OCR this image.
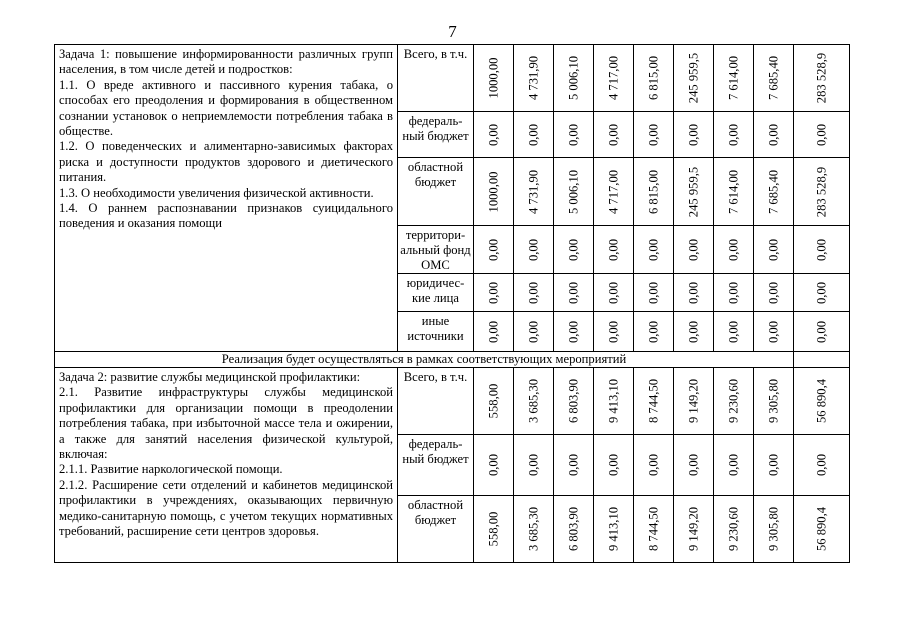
7
Задача 1: повышение информированности различных групп населения, в том числе детей и подростков:
1.1. О вреде активного и пассивного курения табака, о способах его преодоления и формирования в общественном сознании установок о неприемлемости потребления табака в обществе.
1.2. О поведенческих и алиментарно-зависимых факторах риска и доступности продуктов здорового и диетического питания.
1.3. О необходимости увеличения физической активности.
1.4. О раннем распознавании признаков суицидального поведения и оказания помощи	Всего, в т.ч.	1000,00	4 731,90	5 006,10	4 717,00	6 815,00	245 959,5	7 614,00	7 685,40	283 528,9

	федераль-ный бюджет	0,00	0,00	0,00	0,00	0,00	0,00	0,00	0,00	0,00

	областной бюджет	1000,00	4 731,90	5 006,10	4 717,00	6 815,00	245 959,5	7 614,00	7 685,40	283 528,9

	территори-альный фонд ОМС	0,00	0,00	0,00	0,00	0,00	0,00	0,00	0,00	0,00

	юридичес-кие лица	0,00	0,00	0,00	0,00	0,00	0,00	0,00	0,00	0,00

	иные источники	0,00	0,00	0,00	0,00	0,00	0,00	0,00	0,00	0,00

Реализация будет осуществляться в рамках соответствующих мероприятий										

Задача 2: развитие службы медицинской профилактики:
2.1. Развитие инфраструктуры службы медицинской профилактики для организации помощи в преодолении потребления табака, при избыточной массе тела и ожирении, а также для занятий населения физической культурой, включая:
2.1.1. Развитие наркологической помощи.
2.1.2. Расширение сети отделений и кабинетов медицинской профилактики в учреждениях, оказывающих первичную медико-санитарную помощь, с учетом текущих нормативных требований, расширение сети центров здоровья.	Всего, в т.ч.	558,00	3 685,30	6 803,90	9 413,10	8 744,50	9 149,20	9 230,60	9 305,80	56 890,4

	федераль-ный бюджет	0,00	0,00	0,00	0,00	0,00	0,00	0,00	0,00	0,00

	областной бюджет	558,00	3 685,30	6 803,90	9 413,10	8 744,50	9 149,20	9 230,60	9 305,80	56 890,4
